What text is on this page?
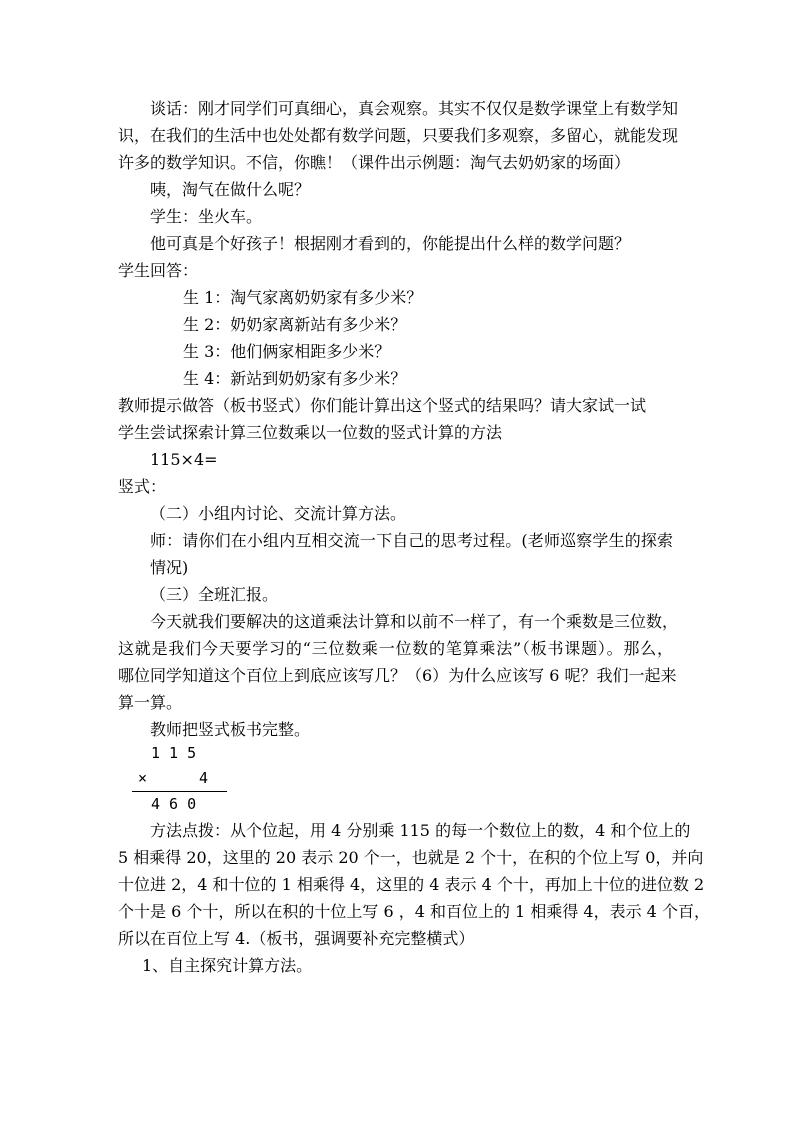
谈话：刚才同学们可真细心，真会观察。其实不仅仅是数学课堂上有数学知
识，在我们的生活中也处处都有数学问题，只要我们多观察，多留心，就能发现
许多的数学知识。不信，你瞧！（课件出示例题：淘气去奶奶家的场面）
咦，淘气在做什么呢？
学生：坐火车。
他可真是个好孩子！根据刚才看到的，你能提出什么样的数学问题？
学生回答：
生 1：淘气家离奶奶家有多少米？
生 2：奶奶家离新站有多少米？
生 3：他们俩家相距多少米？
生 4：新站到奶奶家有多少米？
教师提示做答（板书竖式）你们能计算出这个竖式的结果吗？请大家试一试
学生尝试探索计算三位数乘以一位数的竖式计算的方法
115×4=
竖式：
（二）小组内讨论、交流计算方法。
师：请你们在小组内互相交流一下自己的思考过程。(老师巡察学生的探索
情况)
（三）全班汇报。
今天就我们要解决的这道乘法计算和以前不一样了，有一个乘数是三位数，
这就是我们今天要学习的“三位数乘一位数的笔算乘法”（板书课题）。那么，
哪位同学知道这个百位上到底应该写几？（6）为什么应该写 6 呢？我们一起来
算一算。
教师把竖式板书完整。
1 1 5
×	4
4 6 0
方法点拨：从个位起，用 4 分别乘 115 的每一个数位上的数，4 和个位上的
5 相乘得 20，这里的 20 表示 20 个一，也就是 2 个十，在积的个位上写 0，并向
十位进 2，4 和十位的 1 相乘得 4，这里的 4 表示 4 个十，再加上十位的进位数 2
个十是 6 个十，所以在积的十位上写 6 ，4 和百位上的 1 相乘得 4，表示 4 个百，
所以在百位上写 4.（板书，强调要补充完整横式）
1、自主探究计算方法。
